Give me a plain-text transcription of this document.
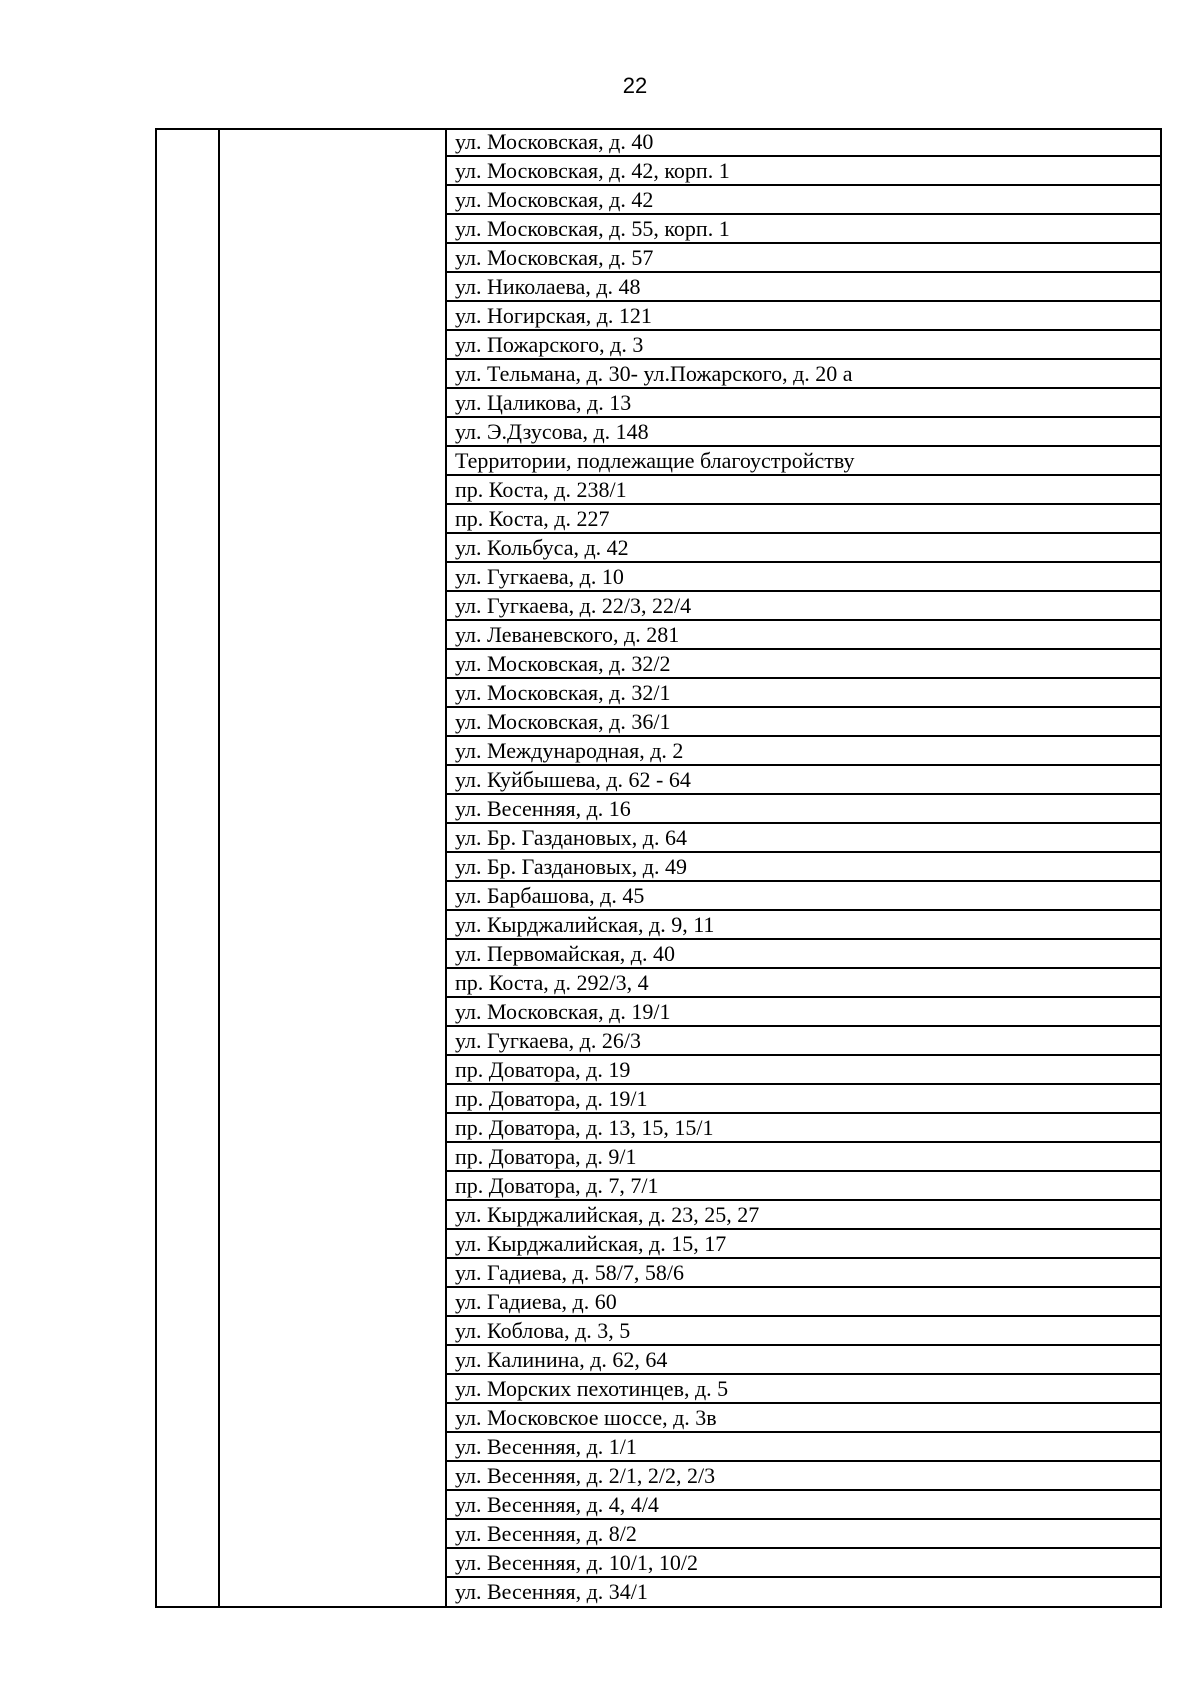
22
ул. Московская, д. 40
ул. Московская, д. 42, корп. 1
ул. Московская, д. 42
ул. Московская, д. 55, корп. 1
ул. Московская, д. 57
ул. Николаева, д. 48
ул. Ногирская, д. 121
ул. Пожарского, д. 3
ул. Тельмана, д. 30- ул.Пожарского, д. 20 а
ул. Цаликова, д. 13
ул. Э.Дзусова, д. 148
Территории, подлежащие благоустройству
пр. Коста, д. 238/1
пр. Коста, д. 227
ул. Кольбуса, д. 42
ул. Гугкаева, д. 10
ул. Гугкаева, д. 22/3, 22/4
ул. Леваневского, д. 281
ул. Московская, д. 32/2
ул. Московская, д. 32/1
ул. Московская, д. 36/1
ул. Международная, д. 2
ул. Куйбышева, д. 62 - 64
ул. Весенняя, д. 16
ул. Бр. Газдановых, д. 64
ул. Бр. Газдановых, д. 49
ул. Барбашова, д. 45
ул. Кырджалийская, д. 9, 11
ул. Первомайская, д. 40
пр. Коста, д. 292/3, 4
ул. Московская, д. 19/1
ул. Гугкаева, д. 26/3
пр. Доватора, д. 19
пр. Доватора, д. 19/1
пр. Доватора, д. 13, 15, 15/1
пр. Доватора, д. 9/1
пр. Доватора, д. 7, 7/1
ул. Кырджалийская, д. 23, 25, 27
ул. Кырджалийская, д. 15, 17
ул. Гадиева, д. 58/7, 58/6
ул. Гадиева, д. 60
ул. Коблова, д. 3, 5
ул. Калинина, д. 62, 64
ул. Морских пехотинцев, д. 5
ул. Московское шоссе, д. 3в
ул. Весенняя, д. 1/1
ул. Весенняя, д. 2/1, 2/2, 2/3
ул. Весенняя, д. 4, 4/4
ул. Весенняя, д. 8/2
ул. Весенняя, д. 10/1, 10/2
ул. Весенняя, д. 34/1
